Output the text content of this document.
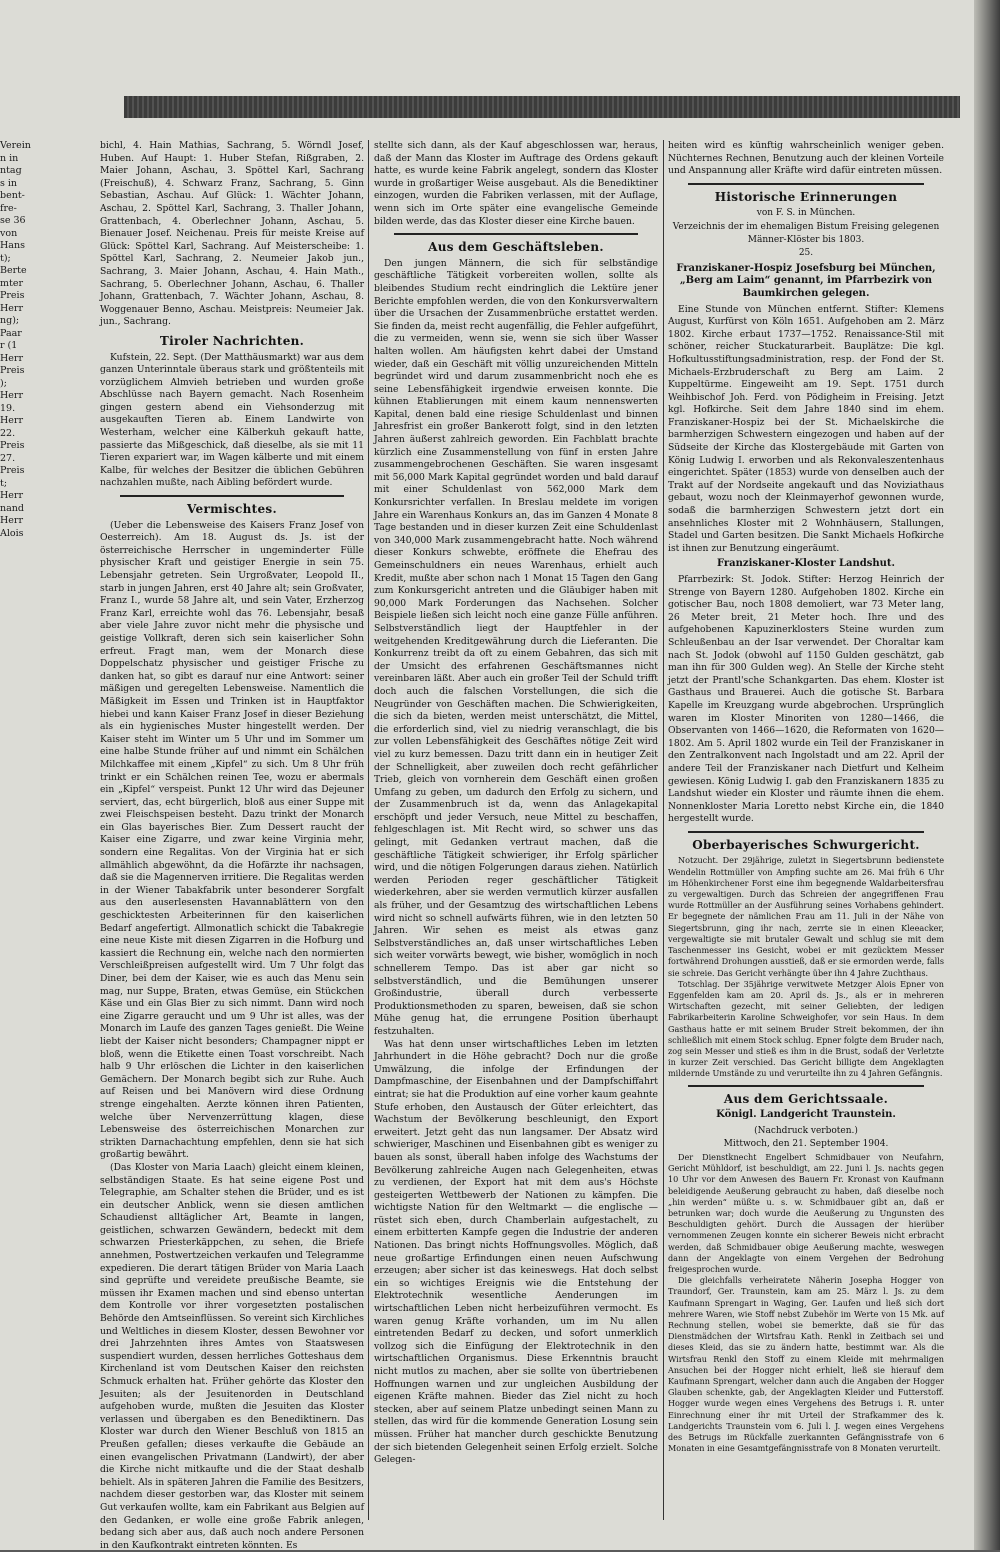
Verein
n in
ntag
s in
bent-
fre-
se 36
von
Hans
t);
Berte
mter
Preis
Herr
ng);
Paar
r (1
Herr
Preis
);
Herr
19.
Herr
22.
Preis
27.
Preis
t;
Herr
nand
Herr
Alois

bichl, 4. Hain Mathias, Sachrang, 5. Wörndl Josef, Huben. Auf Haupt: 1. Huber Stefan, Rißgraben, 2. Maier Johann, Aschau, 3. Spöttel Karl, Sachrang (Freischuß), 4. Schwarz Franz, Sachrang, 5. Ginn Sebastian, Aschau. Auf Glück: 1. Wächter Johann, Aschau, 2. Spöttel Karl, Sachrang, 3. Thaller Johann, Grattenbach, 4. Oberlechner Johann, Aschau, 5. Bienauer Josef. Neichenau. Preis für meiste Kreise auf Glück: Spöttel Karl, Sachrang. Auf Meisterscheibe: 1. Spöttel Karl, Sachrang, 2. Neumeier Jakob jun., Sachrang, 3. Maier Johann, Aschau, 4. Hain Math., Sachrang, 5. Oberlechner Johann, Aschau, 6. Thaller Johann, Grattenbach, 7. Wächter Johann, Aschau, 8. Woggenauer Benno, Aschau. Meistpreis: Neumeier Jak. jun., Sachrang.

Tiroler Nachrichten.

Kufstein, 22. Sept. (Der Matthäusmarkt) war aus dem ganzen Unterinntale überaus stark und größtenteils mit vorzüglichem Almvieh betrieben und wurden große Abschlüsse nach Bayern gemacht. Nach Rosenheim gingen gestern abend ein Viehsonderzug mit ausgekauften Tieren ab. Einem Landwirte von Westerham, welcher eine Kälberkuh gekauft hatte, passierte das Mißgeschick, daß dieselbe, als sie mit 11 Tieren expariert war, im Wagen kälberte und mit einem Kalbe, für welches der Besitzer die üblichen Gebühren nachzahlen mußte, nach Aibling befördert wurde.

Vermischtes.

(Ueber die Lebensweise des Kaisers Franz Josef von Oesterreich). Am 18. August ds. Js. ist der österreichische Herrscher in ungeminderter Fülle physischer Kraft und geistiger Energie in sein 75. Lebensjahr getreten. Sein Urgroßvater, Leopold II., starb in jungen Jahren, erst 40 Jahre alt; sein Großvater, Franz I., wurde 58 Jahre alt, und sein Vater, Erzherzog Franz Karl, erreichte wohl das 76. Lebensjahr, besaß aber viele Jahre zuvor nicht mehr die physische und geistige Vollkraft, deren sich sein kaiserlicher Sohn erfreut. Fragt man, wem der Monarch diese Doppelschatz physischer und geistiger Frische zu danken hat, so gibt es darauf nur eine Antwort: seiner mäßigen und geregelten Lebensweise. Namentlich die Mäßigkeit im Essen und Trinken ist in Hauptfaktor hiebei und kann Kaiser Franz Josef in dieser Beziehung als ein hygienisches Muster hingestellt werden. Der Kaiser steht im Winter um 5 Uhr und im Sommer um eine halbe Stunde früher auf und nimmt ein Schälchen Milchkaffee mit einem „Kipfel“ zu sich. Um 8 Uhr früh trinkt er ein Schälchen reinen Tee, wozu er abermals ein „Kipfel“ verspeist. Punkt 12 Uhr wird das Dejeuner serviert, das, echt bürgerlich, bloß aus einer Suppe mit zwei Fleischspeisen besteht. Dazu trinkt der Monarch ein Glas bayerisches Bier. Zum Dessert raucht der Kaiser eine Zigarre, und zwar keine Virginia mehr, sondern eine Regalitas. Von der Virginia hat er sich allmählich abgewöhnt, da die Hofärzte ihr nachsagen, daß sie die Magennerven irritiere. Die Regalitas werden in der Wiener Tabakfabrik unter besonderer Sorgfalt aus den auserlesensten Havannablättern von den geschicktesten Arbeiterinnen für den kaiserlichen Bedarf angefertigt. Allmonatlich schickt die Tabakregie eine neue Kiste mit diesen Zigarren in die Hofburg und kassiert die Rechnung ein, welche nach den normierten Verschleißpreisen aufgestellt wird. Um 7 Uhr folgt das Diner, bei dem der Kaiser, wie es auch das Menu sein mag, nur Suppe, Braten, etwas Gemüse, ein Stückchen Käse und ein Glas Bier zu sich nimmt. Dann wird noch eine Zigarre geraucht und um 9 Uhr ist alles, was der Monarch im Laufe des ganzen Tages genießt. Die Weine liebt der Kaiser nicht besonders; Champagner nippt er bloß, wenn die Etikette einen Toast vorschreibt. Nach halb 9 Uhr erlöschen die Lichter in den kaiserlichen Gemächern. Der Monarch begibt sich zur Ruhe. Auch auf Reisen und bei Manövern wird diese Ordnung strenge eingehalten. Aerzte können ihren Patienten, welche über Nervenzerrüttung klagen, diese Lebensweise des österreichischen Monarchen zur strikten Darnachachtung empfehlen, denn sie hat sich großartig bewährt.

(Das Kloster von Maria Laach) gleicht einem kleinen, selbständigen Staate. Es hat seine eigene Post und Telegraphie, am Schalter stehen die Brüder, und es ist ein deutscher Anblick, wenn sie diesen amtlichen Schaudienst alltäglicher Art, Beamte in langen, geistlichen, schwarzen Gewändern, bedeckt mit dem schwarzen Priesterkäppchen, zu sehen, die Briefe annehmen, Postwertzeichen verkaufen und Telegramme expedieren. Die derart tätigen Brüder von Maria Laach sind geprüfte und vereidete preußische Beamte, sie müssen ihr Examen machen und sind ebenso untertan dem Kontrolle vor ihrer vorgesetzten postalischen Behörde den Amtseinflüssen. So vereint sich Kirchliches und Weltliches in diesem Kloster, dessen Bewohner vor drei Jahrzehnten ihres Amtes von Staatswesen suspendiert wurden, dessen herrliches Gotteshaus dem Kirchenland ist vom Deutschen Kaiser den reichsten Schmuck erhalten hat. Früher gehörte das Kloster den Jesuiten; als der Jesuitenorden in Deutschland aufgehoben wurde, mußten die Jesuiten das Kloster verlassen und übergaben es den Benediktinern. Das Kloster war durch den Wiener Beschluß von 1815 an Preußen gefallen; dieses verkaufte die Gebäude an einen evangelischen Privatmann (Landwirt), der aber die Kirche nicht mitkaufte und die der Staat deshalb behielt. Als in späteren Jahren die Familie des Besitzers, nachdem dieser gestorben war, das Kloster mit seinem Gut verkaufen wollte, kam ein Fabrikant aus Belgien auf den Gedanken, er wolle eine große Fabrik anlegen, bedang sich aber aus, daß auch noch andere Personen in den Kaufkontrakt eintreten könnten. Es

stellte sich dann, als der Kauf abgeschlossen war, heraus, daß der Mann das Kloster im Auftrage des Ordens gekauft hatte, es wurde keine Fabrik angelegt, sondern das Kloster wurde in großartiger Weise ausgebaut. Als die Benediktiner einzogen, wurden die Fabriken verlassen, mit der Auflage, wenn sich im Orte später eine evangelische Gemeinde bilden werde, das das Kloster dieser eine Kirche bauen.

Aus dem Geschäftsleben.

Den jungen Männern, die sich für selbständige geschäftliche Tätigkeit vorbereiten wollen, sollte als bleibendes Studium recht eindringlich die Lektüre jener Berichte empfohlen werden, die von den Konkursverwaltern über die Ursachen der Zusammenbrüche erstattet werden. Sie finden da, meist recht augenfällig, die Fehler aufgeführt, die zu vermeiden, wenn sie, wenn sie sich über Wasser halten wollen. Am häufigsten kehrt dabei der Umstand wieder, daß ein Geschäft mit völlig unzureichenden Mitteln begründet wird und darum zusammenbricht noch ehe es seine Lebensfähigkeit irgendwie erweisen konnte. Die kühnen Etablierungen mit einem kaum nennenswerten Kapital, denen bald eine riesige Schuldenlast und binnen Jahresfrist ein großer Bankerott folgt, sind in den letzten Jahren äußerst zahlreich geworden. Ein Fachblatt brachte kürzlich eine Zusammenstellung von fünf in ersten Jahre zusammengebrochenen Geschäften. Sie waren insgesamt mit 56,000 Mark Kapital gegründet worden und bald darauf mit einer Schuldenlast von 562,000 Mark dem Konkursrichter verfallen. In Breslau meldete im vorigen Jahre ein Warenhaus Konkurs an, das im Ganzen 4 Monate 8 Tage bestanden und in dieser kurzen Zeit eine Schuldenlast von 340,000 Mark zusammengebracht hatte. Noch während dieser Konkurs schwebte, eröffnete die Ehefrau des Gemeinschuldners ein neues Warenhaus, erhielt auch Kredit, mußte aber schon nach 1 Monat 15 Tagen den Gang zum Konkursgericht antreten und die Gläubiger haben mit 90,000 Mark Forderungen das Nachsehen. Solcher Beispiele ließen sich leicht noch eine ganze Fülle anführen. Selbstverständlich liegt der Hauptfehler in der weitgehenden Kreditgewährung durch die Lieferanten. Die Konkurrenz treibt da oft zu einem Gebahren, das sich mit der Umsicht des erfahrenen Geschäftsmannes nicht vereinbaren läßt. Aber auch ein großer Teil der Schuld trifft doch auch die falschen Vorstellungen, die sich die Neugründer von Geschäften machen. Die Schwierigkeiten, die sich da bieten, werden meist unterschätzt, die Mittel, die erforderlich sind, viel zu niedrig veranschlagt, die bis zur vollen Lebensfähigkeit des Geschäftes nötige Zeit wird viel zu kurz bemessen. Dazu tritt dann ein in heutiger Zeit der Schnelligkeit, aber zuweilen doch recht gefährlicher Trieb, gleich von vornherein dem Geschäft einen großen Umfang zu geben, um dadurch den Erfolg zu sichern, und der Zusammenbruch ist da, wenn das Anlagekapital erschöpft und jeder Versuch, neue Mittel zu beschaffen, fehlgeschlagen ist. Mit Recht wird, so schwer uns das gelingt, mit Gedanken vertraut machen, daß die geschäftliche Tätigkeit schwieriger, ihr Erfolg spärlicher wird, und die nötigen Folgerungen daraus ziehen. Natürlich werden Perioden reger geschäftlicher Tätigkeit wiederkehren, aber sie werden vermutlich kürzer ausfallen als früher, und der Gesamtzug des wirtschaftlichen Lebens wird nicht so schnell aufwärts führen, wie in den letzten 50 Jahren. Wir sehen es meist als etwas ganz Selbstverständliches an, daß unser wirtschaftliches Leben sich weiter vorwärts bewegt, wie bisher, womöglich in noch schnellerem Tempo. Das ist aber gar nicht so selbstverständlich, und die Bemühungen unserer Großindustrie, überall durch verbesserte Produktionsmethoden zu sparen, beweisen, daß sie schon Mühe genug hat, die errungene Position überhaupt festzuhalten.

Was hat denn unser wirtschaftliches Leben im letzten Jahrhundert in die Höhe gebracht? Doch nur die große Umwälzung, die infolge der Erfindungen der Dampfmaschine, der Eisenbahnen und der Dampfschiffahrt eintrat; sie hat die Produktion auf eine vorher kaum geahnte Stufe erhoben, den Austausch der Güter erleichtert, das Wachstum der Bevölkerung beschleunigt, den Export erweitert. Jetzt geht das nun langsamer. Der Absatz wird schwieriger, Maschinen und Eisenbahnen gibt es weniger zu bauen als sonst, überall haben infolge des Wachstums der Bevölkerung zahlreiche Augen nach Gelegenheiten, etwas zu verdienen, der Export hat mit dem aus's Höchste gesteigerten Wettbewerb der Nationen zu kämpfen. Die wichtigste Nation für den Weltmarkt — die englische — rüstet sich eben, durch Chamberlain aufgestachelt, zu einem erbitterten Kampfe gegen die Industrie der anderen Nationen. Das bringt nichts Hoffnungsvolles. Möglich, daß neue großartige Erfindungen einen neuen Aufschwung erzeugen; aber sicher ist das keineswegs. Hat doch selbst ein so wichtiges Ereignis wie die Entstehung der Elektrotechnik wesentliche Aenderungen im wirtschaftlichen Leben nicht herbeizuführen vermocht. Es waren genug Kräfte vorhanden, um im Nu allen eintretenden Bedarf zu decken, und sofort unmerklich vollzog sich die Einfügung der Elektrotechnik in den wirtschaftlichen Organismus. Diese Erkenntnis braucht nicht mutlos zu machen, aber sie sollte von übertriebenen Hoffnungen warnen und zur ungleichen Ausbildung der eigenen Kräfte mahnen. Bieder das Ziel nicht zu hoch stecken, aber auf seinem Platze unbedingt seinen Mann zu stellen, das wird für die kommende Generation Losung sein müssen. Früher hat mancher durch geschickte Benutzung der sich bietenden Gelegenheit seinen Erfolg erzielt. Solche Gelegen-

heiten wird es künftig wahrscheinlich weniger geben. Nüchternes Rechnen, Benutzung auch der kleinen Vorteile und Anspannung aller Kräfte wird dafür eintreten müssen.

Historische Erinnerungen
von F. S. in München.
Verzeichnis der im ehemaligen Bistum Freising gelegenen Männer-Klöster bis 1803.
25.
Franziskaner-Hospiz Josefsburg bei München, „Berg am Laim“ genannt, im Pfarrbezirk von Baumkirchen gelegen.

Eine Stunde von München entfernt. Stifter: Klemens August, Kurfürst von Köln 1651. Aufgehoben am 2. März 1802. Kirche erbaut 1737—1752. Renaissance-Stil mit schöner, reicher Stuckaturarbeit. Bauplätze: Die kgl. Hofkultusstiftungsadministration, resp. der Fond der St. Michaels-Erzbruderschaft zu Berg am Laim. 2 Kuppeltürme. Eingeweiht am 19. Sept. 1751 durch Weihbischof Joh. Ferd. von Pödigheim in Freising. Jetzt kgl. Hofkirche. Seit dem Jahre 1840 sind im ehem. Franziskaner-Hospiz bei der St. Michaelskirche die barmherzigen Schwestern eingezogen und haben auf der Südseite der Kirche das Klostergebäude mit Garten von König Ludwig I. erworben und als Rekonvaleszentenhaus eingerichtet. Später (1853) wurde von denselben auch der Trakt auf der Nordseite angekauft und das Noviziathaus gebaut, wozu noch der Kleinmayerhof gewonnen wurde, sodaß die barmherzigen Schwestern jetzt dort ein ansehnliches Kloster mit 2 Wohnhäusern, Stallungen, Stadel und Garten besitzen. Die Sankt Michaels Hofkirche ist ihnen zur Benutzung eingeräumt.

Franziskaner-Kloster Landshut.

Pfarrbezirk: St. Jodok. Stifter: Herzog Heinrich der Strenge von Bayern 1280. Aufgehoben 1802. Kirche ein gotischer Bau, noch 1808 demoliert, war 73 Meter lang, 26 Meter breit, 21 Meter hoch. Ihre und des aufgehobenen Kapuzinerklosters Steine wurden zum Schleußenbau an der Isar verwendet. Der Choraltar kam nach St. Jodok (obwohl auf 1150 Gulden geschätzt, gab man ihn für 300 Gulden weg). An Stelle der Kirche steht jetzt der Prantl'sche Schankgarten. Das ehem. Kloster ist Gasthaus und Brauerei. Auch die gotische St. Barbara Kapelle im Kreuzgang wurde abgebrochen. Ursprünglich waren im Kloster Minoriten von 1280—1466, die Observanten von 1466—1620, die Reformaten von 1620—1802. Am 5. April 1802 wurde ein Teil der Franziskaner in den Zentralkonvent nach Ingolstadt und am 22. April der andere Teil der Franziskaner nach Dietfurt und Kelheim gewiesen. König Ludwig I. gab den Franziskanern 1835 zu Landshut wieder ein Kloster und räumte ihnen die ehem. Nonnenkloster Maria Loretto nebst Kirche ein, die 1840 hergestellt wurde.

Oberbayerisches Schwurgericht.

Notzucht. Der 29jährige, zuletzt in Siegertsbrunn bedienstete Wendelin Rottmüller von Ampfing suchte am 26. Mai früh 6 Uhr im Höhenkirchener Forst eine ihm begegnende Waldarbeitersfrau zu vergewaltigen. Durch das Schreien der angegriffenen Frau wurde Rottmüller an der Ausführung seines Vorhabens gehindert. Er begegnete der nämlichen Frau am 11. Juli in der Nähe von Siegertsbrunn, ging ihr nach, zerrte sie in einen Kleeacker, vergewaltigte sie mit brutaler Gewalt und schlug sie mit dem Taschenmesser ins Gesicht, wobei er mit gezücktem Messer fortwährend Drohungen ausstieß, daß er sie ermorden werde, falls sie schreie. Das Gericht verhängte über ihn 4 Jahre Zuchthaus.

Totschlag. Der 35jährige verwitwete Metzger Alois Epner von Eggenfelden kam am 20. April ds. Js., als er in mehreren Wirtschaften gezecht, mit seiner Geliebten, der ledigen Fabrikarbeiterin Karoline Schweighofer, vor sein Haus. In dem Gasthaus hatte er mit seinem Bruder Streit bekommen, der ihn schließlich mit einem Stock schlug. Epner folgte dem Bruder nach, zog sein Messer und stieß es ihm in die Brust, sodaß der Verletzte in kurzer Zeit verschied. Das Gericht billigte dem Angeklagten mildernde Umstände zu und verurteilte ihn zu 4 Jahren Gefängnis.

Aus dem Gerichtssaale.
Königl. Landgericht Traunstein.
(Nachdruck verboten.)
Mittwoch, den 21. September 1904.

Der Dienstknecht Engelbert Schmidbauer von Neufahrn, Gericht Mühldorf, ist beschuldigt, am 22. Juni l. Js. nachts gegen 10 Uhr vor dem Anwesen des Bauern Fr. Kronast von Kaufmann beleidigende Aeußerung gebraucht zu haben, daß dieselbe noch „hin werden“ müßte u. s. w. Schmidbauer gibt an, daß er betrunken war; doch wurde die Aeußerung zu Ungunsten des Beschuldigten gehört. Durch die Aussagen der hierüber vernommenen Zeugen konnte ein sicherer Beweis nicht erbracht werden, daß Schmidbauer obige Aeußerung machte, weswegen dann der Angeklagte von einem Vergehen der Bedrohung freigesprochen wurde.

Die gleichfalls verheiratete Näherin Josepha Hogger von Traundorf, Ger. Traunstein, kam am 25. März l. Js. zu dem Kaufmann Sprengart in Waging, Ger. Laufen und ließ sich dort mehrere Waren, wie Stoff nebst Zubehör im Werte von 15 Mk. auf Rechnung stellen, wobei sie bemerkte, daß sie für das Dienstmädchen der Wirtsfrau Kath. Renkl in Zeitbach sei und dieses Kleid, das sie zu ändern hatte, bestimmt war. Als die Wirtsfrau Renkl den Stoff zu einem Kleide mit mehrmaligen Ansuchen bei der Hogger nicht erhielt, ließ sie hierauf dem Kaufmann Sprengart, welcher dann auch die Angaben der Hogger Glauben schenkte, gab, der Angeklagten Kleider und Futterstoff. Hogger wurde wegen eines Vergehens des Betrugs i. R. unter Einrechnung einer ihr mit Urteil der Strafkammer des k. Landgerichts Traunstein vom 6. Juli l. J. wegen eines Vergehens des Betrugs im Rückfalle zuerkannten Gefängnisstrafe von 6 Monaten in eine Gesamtgefängnisstrafe von 8 Monaten verurteilt.
